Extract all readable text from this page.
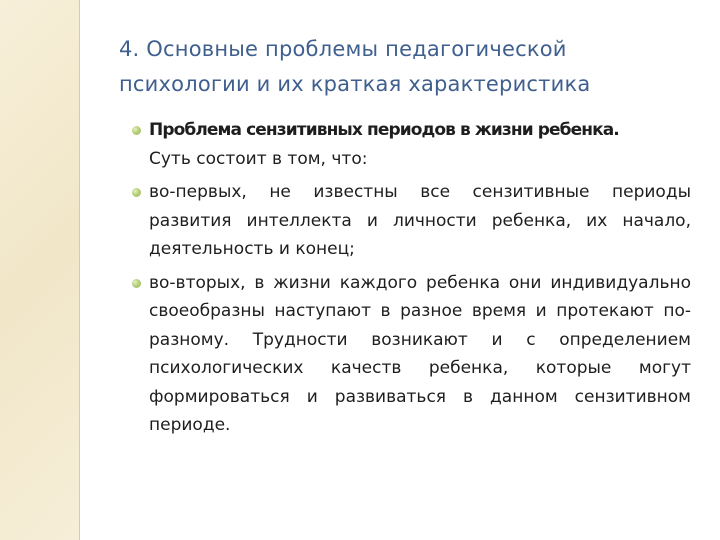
4. Основные проблемы педагогической
психологии и их краткая характеристика

Проблема сензитивных периодов в жизни ребенка.

Суть состоит в том, что:

во-первых, не известны все сензитивные периоды развития интеллекта и личности ребенка, их начало, деятельность и конец;

во-вторых, в жизни каждого ребенка они индивидуально своеобразны наступают в разное время и протекают по-разному. Трудности возникают и с определением психологических качеств ребенка, которые могут формироваться и развиваться в данном сензитивном периоде.
